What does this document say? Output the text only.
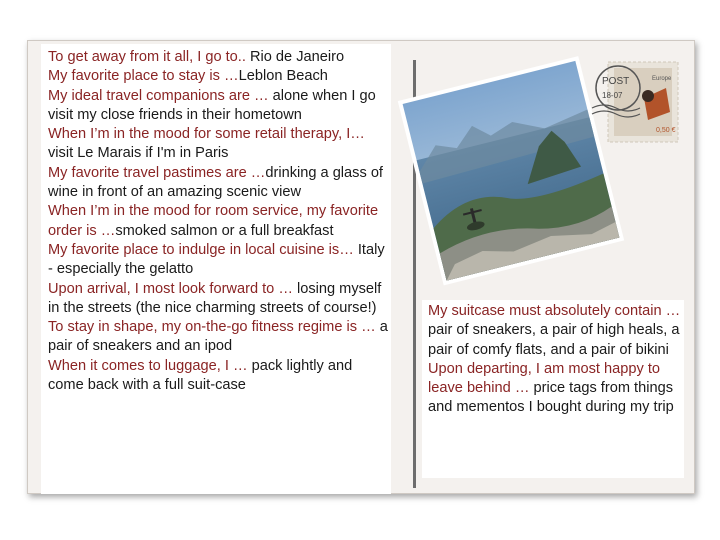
0,50 €
Europe
POST
18-07

To get away from it all, I go to.. Rio de Janeiro

My favorite place to stay is …Leblon Beach

My ideal travel companions are … alone when I go visit my close friends in their hometown

When I’m in the mood for some retail therapy, I… visit Le Marais if I'm in Paris

My favorite travel pastimes are …drinking a glass of wine in front of an amazing scenic view

When I’m in the mood for room service, my favorite order is …smoked salmon or a full breakfast

My favorite place to indulge in local cuisine is… Italy - especially the gelatto

Upon arrival, I most look forward to … losing myself in the streets (the nice charming streets of course!)

To stay in shape, my on-the-go fitness regime is … a pair of sneakers and an ipod

When it comes to luggage, I … pack lightly and come back with a full suit-case

My suitcase must absolutely contain … pair of sneakers, a pair of high heals, a pair of comfy flats, and a pair of bikini

Upon departing, I am most happy to leave behind … price tags from things and mementos I bought during my trip
